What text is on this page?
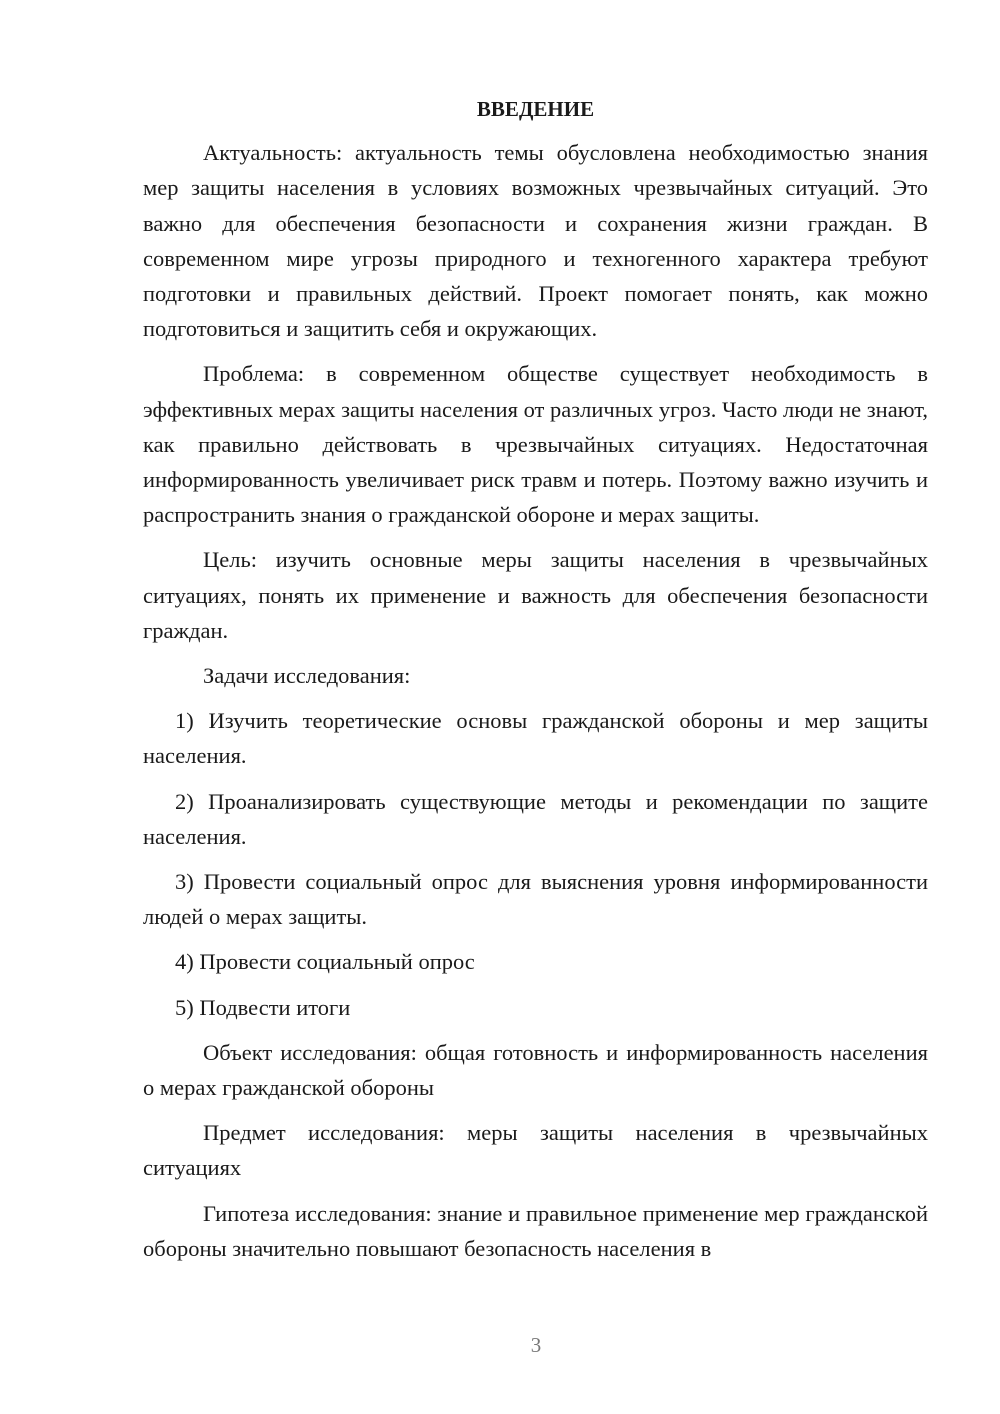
ВВЕДЕНИЕ

Актуальность: актуальность темы обусловлена необходимостью знания мер защиты населения в условиях возможных чрезвычайных ситуаций. Это важно для обеспечения безопасности и сохранения жизни граждан. В современном мире угрозы природного и техногенного характера требуют подготовки и правильных действий. Проект помогает понять, как можно подготовиться и защитить себя и окружающих.

Проблема: в современном обществе существует необходимость в эффективных мерах защиты населения от различных угроз. Часто люди не знают, как правильно действовать в чрезвычайных ситуациях. Недостаточная информированность увеличивает риск травм и потерь. Поэтому важно изучить и распространить знания о гражданской обороне и мерах защиты.

Цель: изучить основные меры защиты населения в чрезвычайных ситуациях, понять их применение и важность для обеспечения безопасности граждан.

Задачи исследования:

1) Изучить теоретические основы гражданской обороны и мер защиты населения.

2) Проанализировать существующие методы и рекомендации по защите населения.

3) Провести социальный опрос для выяснения уровня информированности людей о мерах защиты.

4) Провести социальный опрос

5) Подвести итоги

Объект исследования: общая готовность и информированность населения о мерах гражданской обороны

Предмет исследования: меры защиты населения в чрезвычайных ситуациях

Гипотеза исследования: знание и правильное применение мер гражданской обороны значительно повышают безопасность населения в

3
